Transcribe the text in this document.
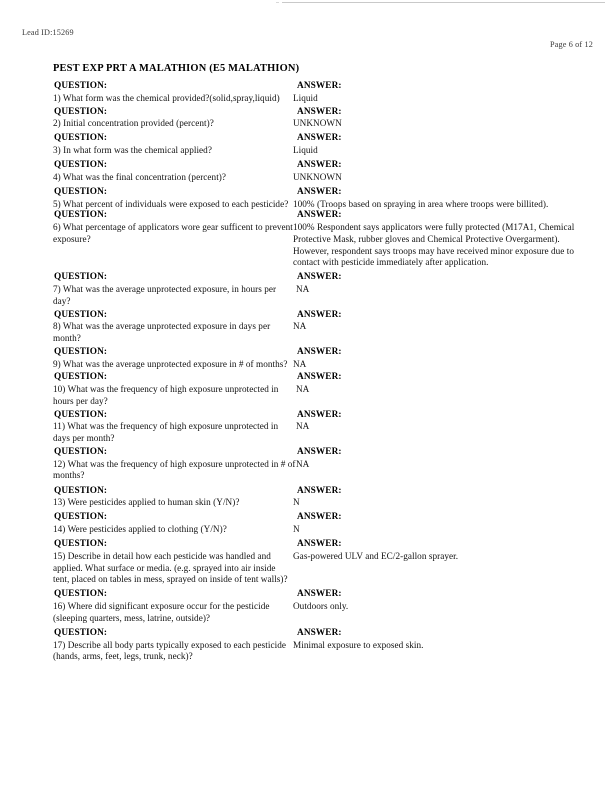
Lead ID:15269
Page 6 of 12
PEST EXP PRT A MALATHION (E5 MALATHION)
QUESTION:	ANSWER:
1) What form was the chemical provided?(solid,spray,liquid)	Liquid
QUESTION:	ANSWER:
2) Initial concentration provided (percent)?	UNKNOWN
QUESTION:	ANSWER:
3) In what form was the chemical applied?	Liquid
QUESTION:	ANSWER:
4) What was the final concentration (percent)?	UNKNOWN
QUESTION:	ANSWER:
5) What percent of individuals were exposed to each pesticide? 100% (Troops based on spraying in area where troops were billited).
QUESTION:	ANSWER:
6) What percentage of applicators wore gear sufficent to prevent exposure?
100% Respondent says applicators were fully protected (M17A1, Chemical Protective Mask, rubber gloves and Chemical Protective Overgarment). However, respondent says troops may have received minor exposure due to contact with pesticide immediately after application.
QUESTION:	ANSWER:
7) What was the average unprotected exposure, in hours per day?
NA
QUESTION:	ANSWER:
8) What was the average unprotected exposure in days per month?
NA
QUESTION:	ANSWER:
9) What was the average unprotected exposure in # of months? NA
QUESTION:	ANSWER:
10) What was the frequency of high exposure unprotected in hours per day?
NA
QUESTION:	ANSWER:
11) What was the frequency of high exposure unprotected in days per month?
NA
QUESTION:	ANSWER:
12) What was the frequency of high exposure unprotected in # of months?
NA
QUESTION:	ANSWER:
13) Were pesticides applied to human skin (Y/N)?	N
QUESTION:	ANSWER:
14) Were pesticides applied to clothing (Y/N)?	N
QUESTION:	ANSWER:
15) Describe in detail how each pesticide was handled and applied. What surface or media. (e.g. sprayed into air inside tent, placed on tables in mess, sprayed on inside of tent walls)?
Gas-powered ULV and EC/2-gallon sprayer.
QUESTION:	ANSWER:
16) Where did significant exposure occur for the pesticide (sleeping quarters, mess, latrine, outside)?
Outdoors only.
QUESTION:	ANSWER:
17) Describe all body parts typically exposed to each pesticide (hands, arms, feet, legs, trunk, neck)?
Minimal exposure to exposed skin.
